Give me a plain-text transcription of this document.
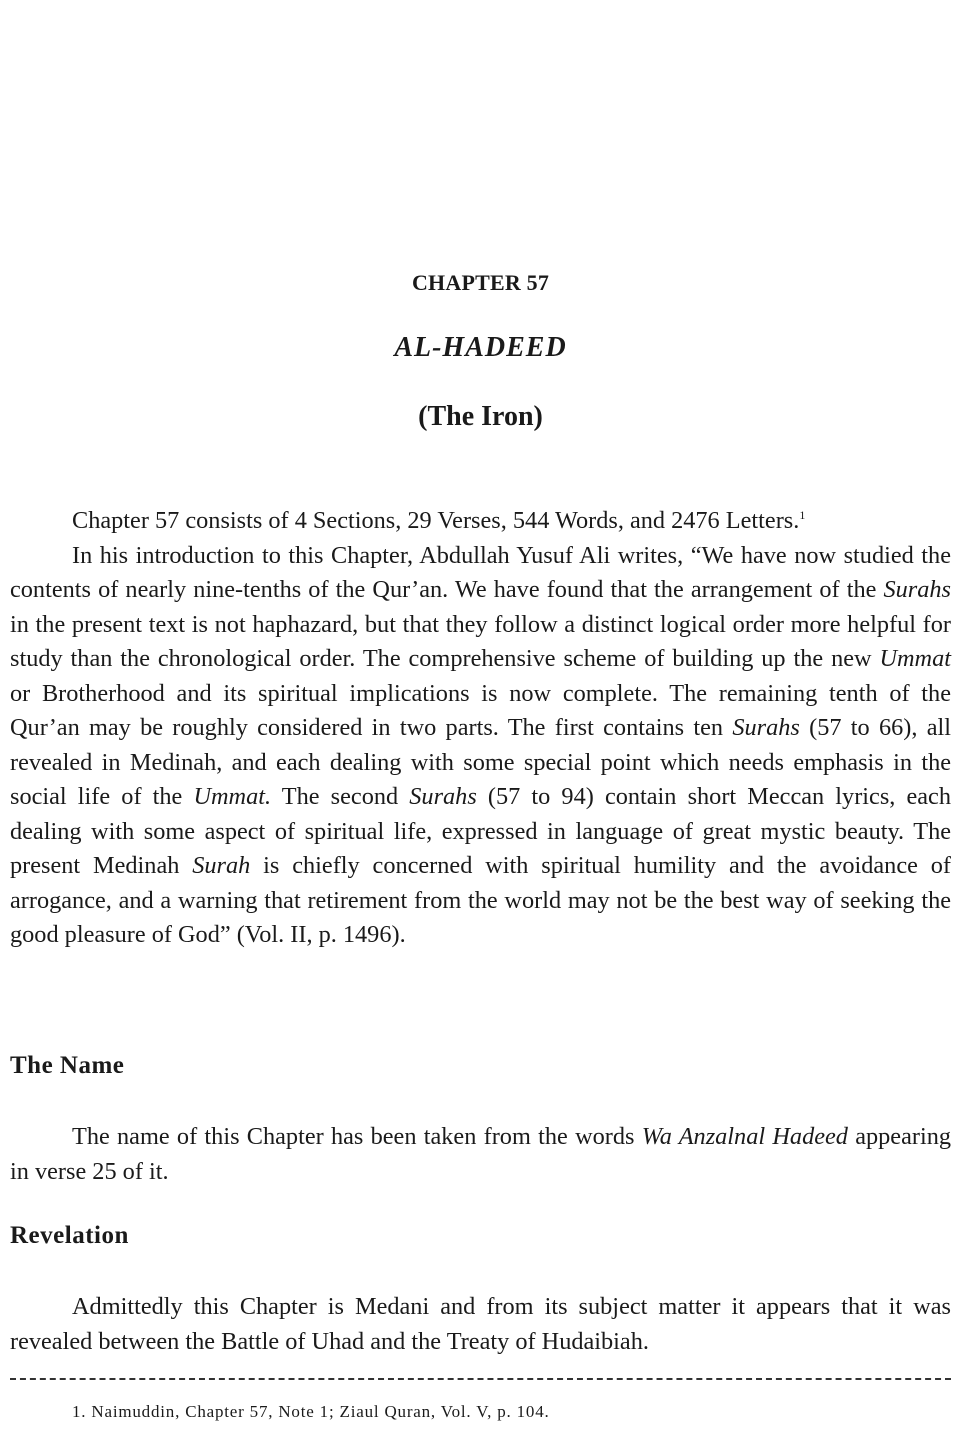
CHAPTER 57
AL-HADEED
(The Iron)

Chapter 57 consists of 4 Sections, 29 Verses, 544 Words, and 2476 Letters.$^1$

In his introduction to this Chapter, Abdullah Yusuf Ali writes, “We have now studied the contents of nearly nine-tenths of the Qur’an. We have found that the arrangement of the Surahs in the present text is not haphazard, but that they follow a distinct logical order more helpful for study than the chronological order. The comprehensive scheme of building up the new Ummat or Brotherhood and its spiritual implications is now complete. The remaining tenth of the Qur’an may be roughly considered in two parts. The first contains ten Surahs (57 to 66), all revealed in Medinah, and each dealing with some special point which needs emphasis in the social life of the Ummat. The second Surahs (57 to 94) contain short Meccan lyrics, each dealing with some aspect of spiritual life, expressed in language of great mystic beauty. The present Medinah Surah is chiefly concerned with spiritual humility and the avoidance of arrogance, and a warning that retirement from the world may not be the best way of seeking the good pleasure of God” (Vol. II, p. 1496).

The Name

The name of this Chapter has been taken from the words Wa Anzalnal Hadeed appearing in verse 25 of it.

Revelation

Admittedly this Chapter is Medani and from its subject matter it appears that it was revealed between the Battle of Uhad and the Treaty of Hudaibiah.

1. Naimuddin, Chapter 57, Note 1; Ziaul Quran, Vol. V, p. 104.
